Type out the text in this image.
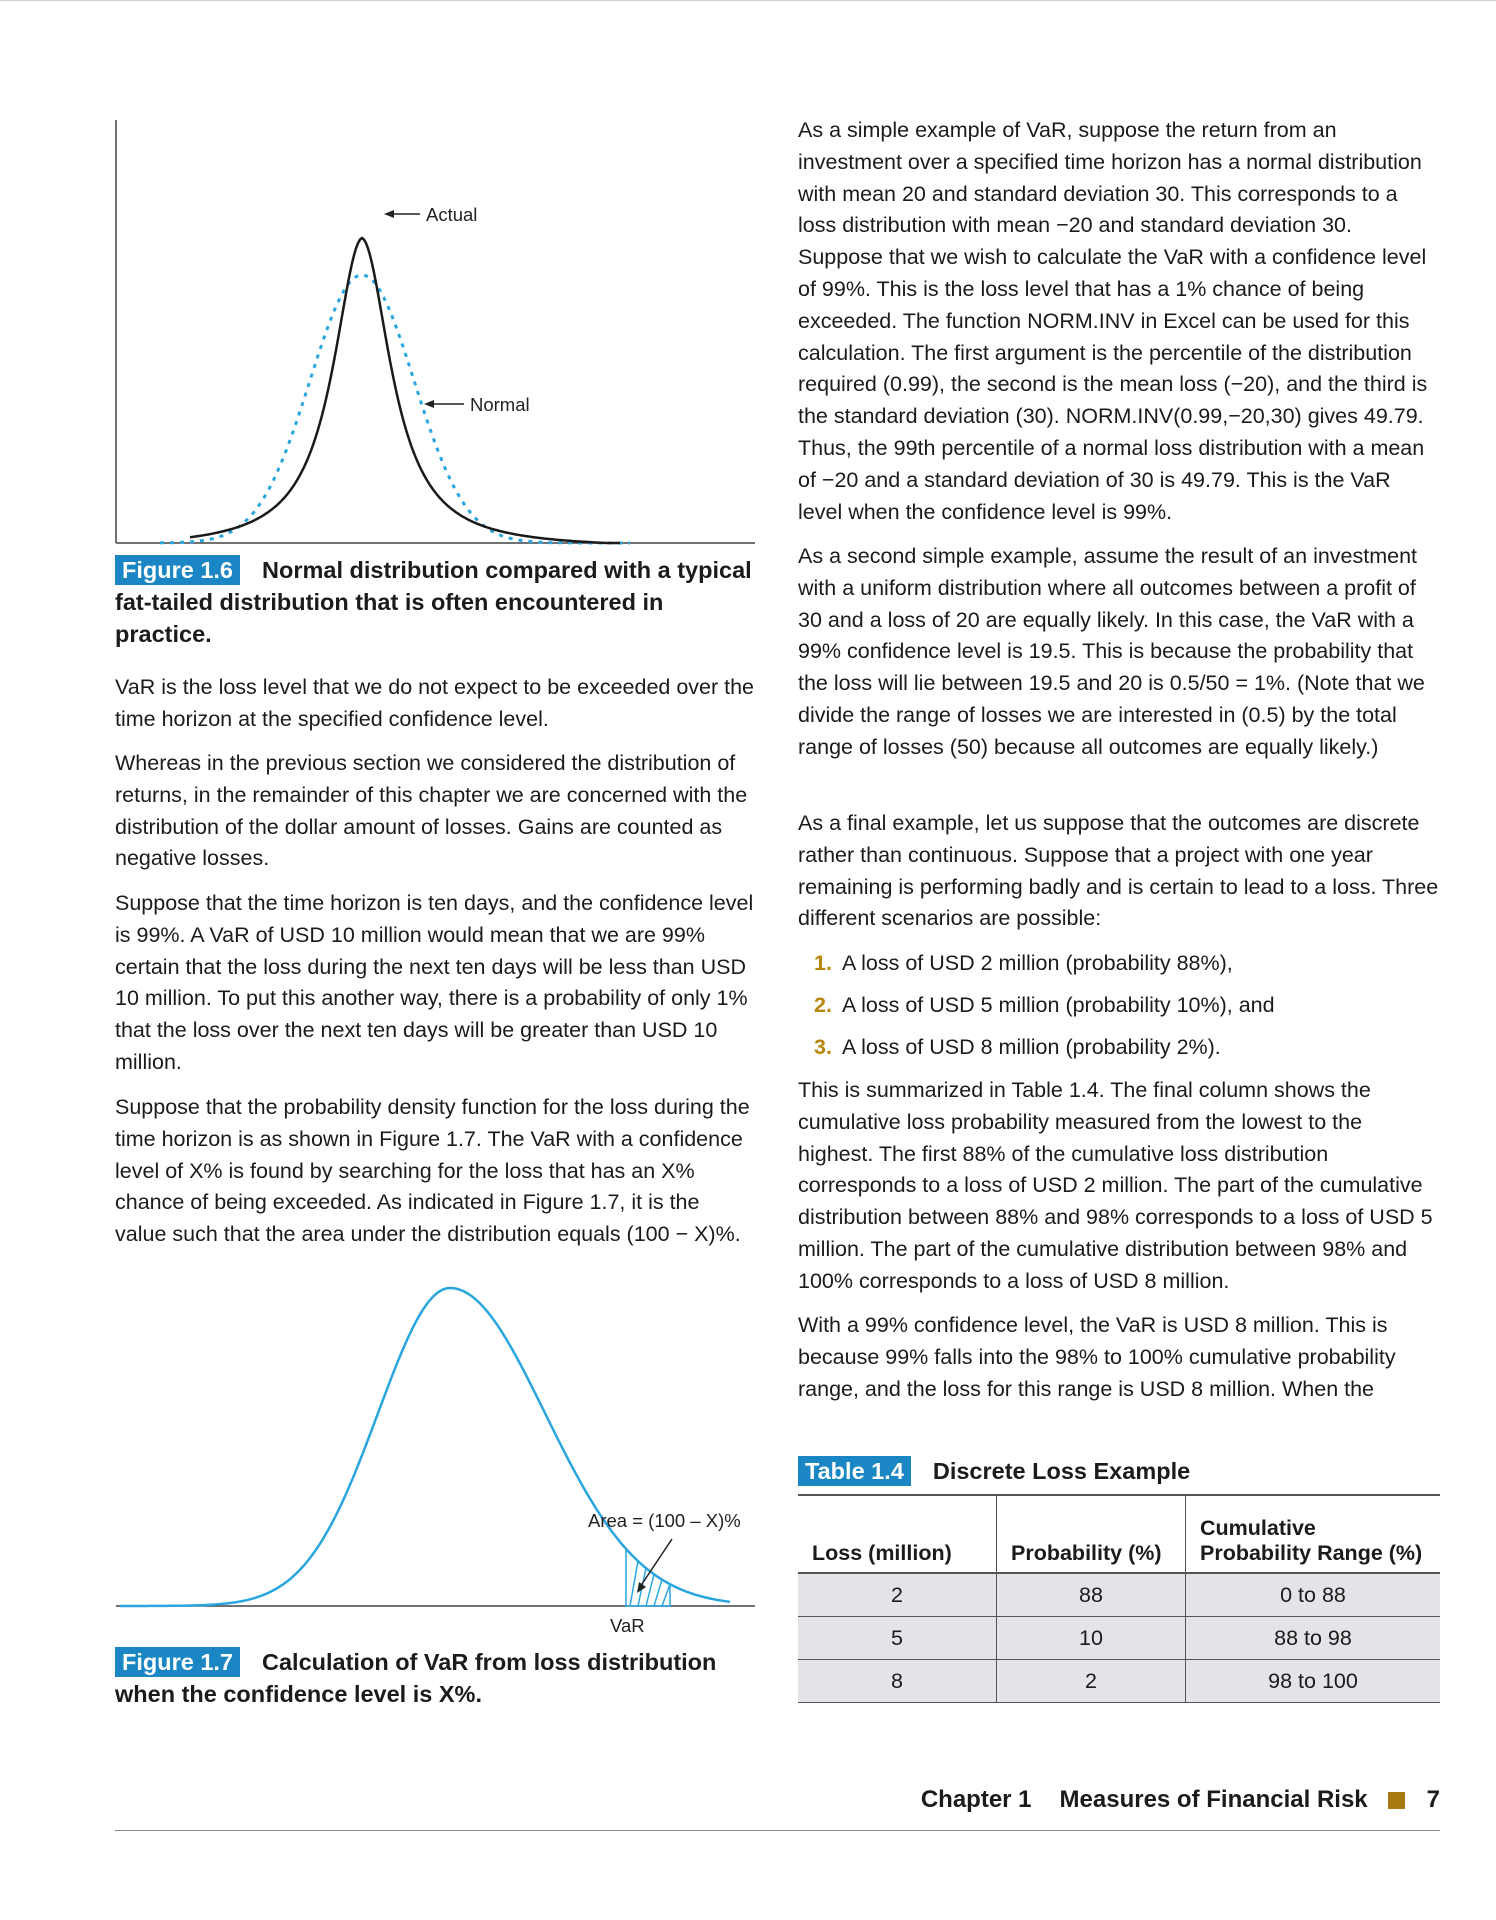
Actual
Normal
Figure 1.6 Normal distribution compared with a typical fat-tailed distribution that is often encountered in practice.

VaR is the loss level that we do not expect to be exceeded over the time horizon at the specified confidence level.

Whereas in the previous section we considered the distribution of returns, in the remainder of this chapter we are concerned with the distribution of the dollar amount of losses. Gains are counted as negative losses.

Suppose that the time horizon is ten days, and the confidence level is 99%. A VaR of USD 10 million would mean that we are 99% certain that the loss during the next ten days will be less than USD 10 million. To put this another way, there is a probability of only 1% that the loss over the next ten days will be greater than USD 10 million.

Suppose that the probability density function for the loss during the time horizon is as shown in Figure 1.7. The VaR with a confidence level of X% is found by searching for the loss that has an X% chance of being exceeded. As indicated in Figure 1.7, it is the value such that the area under the distribution equals (100 − X)%.

Area = (100 – X)%
VaR
Figure 1.7 Calculation of VaR from loss distribution when the confidence level is X%.

As a simple example of VaR, suppose the return from an investment over a specified time horizon has a normal distribution with mean 20 and standard deviation 30. This corresponds to a loss distribution with mean −20 and standard deviation 30. Suppose that we wish to calculate the VaR with a confidence level of 99%. This is the loss level that has a 1% chance of being exceeded. The function NORM.INV in Excel can be used for this calculation. The first argument is the percentile of the distribution required (0.99), the second is the mean loss (−20), and the third is the standard deviation (30). NORM.INV(0.99,−20,30) gives 49.79. Thus, the 99th percentile of a normal loss distribution with a mean of −20 and a standard deviation of 30 is 49.79. This is the VaR level when the confidence level is 99%.

As a second simple example, assume the result of an investment with a uniform distribution where all outcomes between a profit of 30 and a loss of 20 are equally likely. In this case, the VaR with a 99% confidence level is 19.5. This is because the probability that the loss will lie between 19.5 and 20 is 0.5/50 = 1%. (Note that we divide the range of losses we are interested in (0.5) by the total range of losses (50) because all outcomes are equally likely.)

As a final example, let us suppose that the outcomes are discrete rather than continuous. Suppose that a project with one year remaining is performing badly and is certain to lead to a loss. Three different scenarios are possible:

1. A loss of USD 2 million (probability 88%),
2. A loss of USD 5 million (probability 10%), and
3. A loss of USD 8 million (probability 2%).

This is summarized in Table 1.4. The final column shows the cumulative loss probability measured from the lowest to the highest. The first 88% of the cumulative loss distribution corresponds to a loss of USD 2 million. The part of the cumulative distribution between 88% and 98% corresponds to a loss of USD 5 million. The part of the cumulative distribution between 98% and 100% corresponds to a loss of USD 8 million.

With a 99% confidence level, the VaR is USD 8 million. This is because 99% falls into the 98% to 100% cumulative probability range, and the loss for this range is USD 8 million. When the

Table 1.4 Discrete Loss Example
Loss (million)	Probability (%)	Cumulative Probability Range (%)
2	88	0 to 88
5	10	88 to 98
8	2	98 to 100
Chapter 1 Measures of Financial Risk 7
